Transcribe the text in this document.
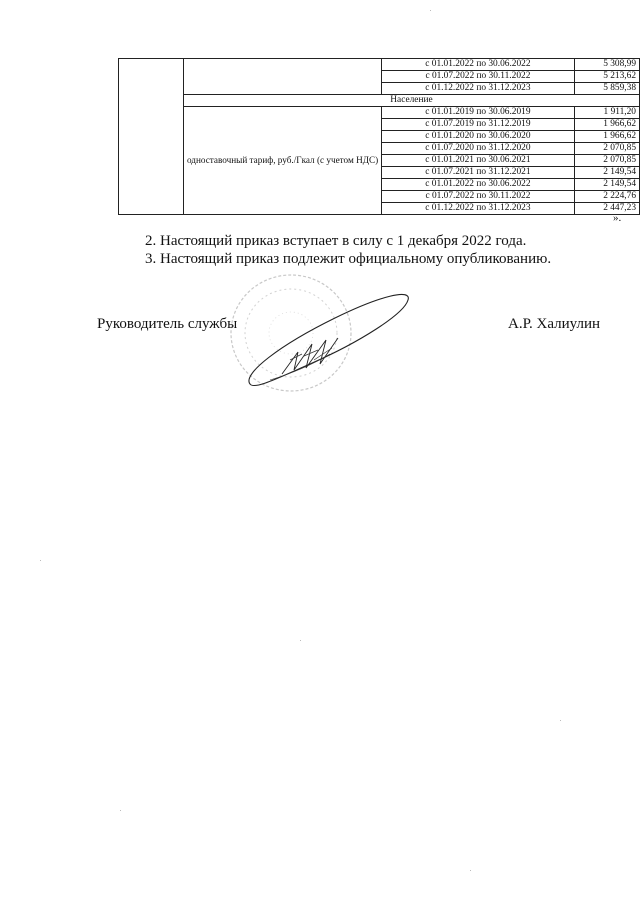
		с 01.01.2022 по 30.06.2022	5 308,99
		с 01.07.2022 по 30.11.2022	5 213,62
		с 01.12.2022 по 31.12.2023	5 859,38
	Население		
	одноставочный тариф, руб./Гкал (с учетом НДС)	с 01.01.2019 по 30.06.2019	1 911,20
		с 01.07.2019 по 31.12.2019	1 966,62
		с 01.01.2020 по 30.06.2020	1 966,62
		с 01.07.2020 по 31.12.2020	2 070,85
		с 01.01.2021 по 30.06.2021	2 070,85
		с 01.07.2021 по 31.12.2021	2 149,54
		с 01.01.2022 по 30.06.2022	2 149,54
		с 01.07.2022 по 30.11.2022	2 224,76
		с 01.12.2022 по 31.12.2023	2 447,23
».

2. Настоящий приказ вступает в силу с 1 декабря 2022 года.

3. Настоящий приказ подлежит официальному опубликованию.

Руководитель службы	А.Р. Халиулин
